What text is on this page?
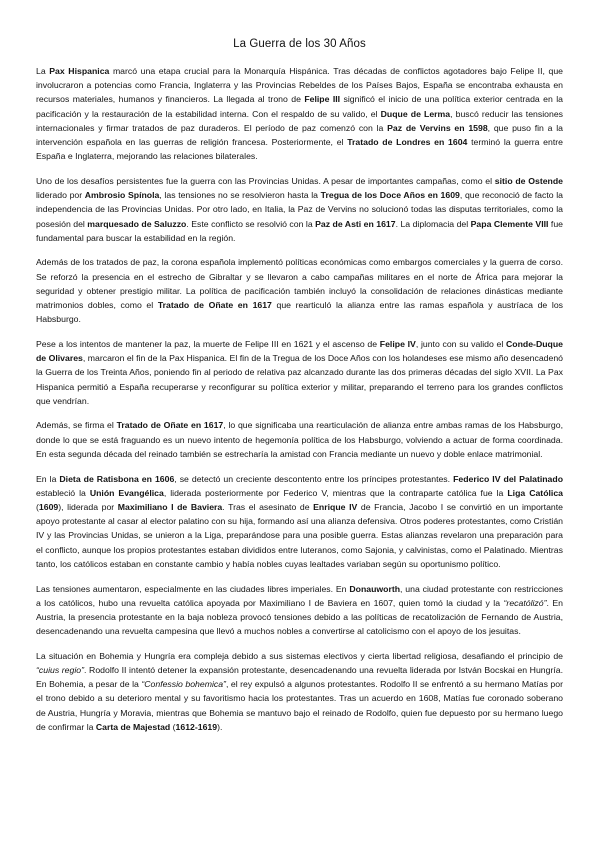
La Guerra de los 30 Años

La Pax Hispanica marcó una etapa crucial para la Monarquía Hispánica. Tras décadas de conflictos agotadores bajo Felipe II, que involucraron a potencias como Francia, Inglaterra y las Provincias Rebeldes de los Países Bajos, España se encontraba exhausta en recursos materiales, humanos y financieros. La llegada al trono de Felipe III significó el inicio de una política exterior centrada en la pacificación y la restauración de la estabilidad interna. Con el respaldo de su valido, el Duque de Lerma, buscó reducir las tensiones internacionales y firmar tratados de paz duraderos. El período de paz comenzó con la Paz de Vervins en 1598, que puso fin a la intervención española en las guerras de religión francesa. Posteriormente, el Tratado de Londres en 1604 terminó la guerra entre España e Inglaterra, mejorando las relaciones bilaterales.

Uno de los desafíos persistentes fue la guerra con las Provincias Unidas. A pesar de importantes campañas, como el sitio de Ostende liderado por Ambrosio Spínola, las tensiones no se resolvieron hasta la Tregua de los Doce Años en 1609, que reconoció de facto la independencia de las Provincias Unidas. Por otro lado, en Italia, la Paz de Vervins no solucionó todas las disputas territoriales, como la posesión del marquesado de Saluzzo. Este conflicto se resolvió con la Paz de Asti en 1617. La diplomacia del Papa Clemente VIII fue fundamental para buscar la estabilidad en la región.

Además de los tratados de paz, la corona española implementó políticas económicas como embargos comerciales y la guerra de corso. Se reforzó la presencia en el estrecho de Gibraltar y se llevaron a cabo campañas militares en el norte de África para mejorar la seguridad y obtener prestigio militar. La política de pacificación también incluyó la consolidación de relaciones dinásticas mediante matrimonios dobles, como el Tratado de Oñate en 1617 que rearticuló la alianza entre las ramas española y austríaca de los Habsburgo.

Pese a los intentos de mantener la paz, la muerte de Felipe III en 1621 y el ascenso de Felipe IV, junto con su valido el Conde-Duque de Olivares, marcaron el fin de la Pax Hispanica. El fin de la Tregua de los Doce Años con los holandeses ese mismo año desencadenó la Guerra de los Treinta Años, poniendo fin al periodo de relativa paz alcanzado durante las dos primeras décadas del siglo XVII. La Pax Hispanica permitió a España recuperarse y reconfigurar su política exterior y militar, preparando el terreno para los grandes conflictos que vendrían.

Además, se firma el Tratado de Oñate en 1617, lo que significaba una rearticulación de alianza entre ambas ramas de los Habsburgo, donde lo que se está fraguando es un nuevo intento de hegemonía política de los Habsburgo, volviendo a actuar de forma coordinada. En esta segunda década del reinado también se estrecharía la amistad con Francia mediante un nuevo y doble enlace matrimonial.

En la Dieta de Ratisbona en 1606, se detectó un creciente descontento entre los príncipes protestantes. Federico IV del Palatinado estableció la Unión Evangélica, liderada posteriormente por Federico V, mientras que la contraparte católica fue la Liga Católica (1609), liderada por Maximiliano I de Baviera. Tras el asesinato de Enrique IV de Francia, Jacobo I se convirtió en un importante apoyo protestante al casar al elector palatino con su hija, formando así una alianza defensiva. Otros poderes protestantes, como Cristián IV y las Provincias Unidas, se unieron a la Liga, preparándose para una posible guerra. Estas alianzas revelaron una preparación para el conflicto, aunque los propios protestantes estaban divididos entre luteranos, como Sajonia, y calvinistas, como el Palatinado. Mientras tanto, los católicos estaban en constante cambio y había nobles cuyas lealtades variaban según su oportunismo político.

Las tensiones aumentaron, especialmente en las ciudades libres imperiales. En Donauworth, una ciudad protestante con restricciones a los católicos, hubo una revuelta católica apoyada por Maximiliano I de Baviera en 1607, quien tomó la ciudad y la “recatólizó”. En Austria, la presencia protestante en la baja nobleza provocó tensiones debido a las políticas de recatolización de Fernando de Austria, desencadenando una revuelta campesina que llevó a muchos nobles a convertirse al catolicismo con el apoyo de los jesuitas.

La situación en Bohemia y Hungría era compleja debido a sus sistemas electivos y cierta libertad religiosa, desafiando el principio de “cuius regio”. Rodolfo II intentó detener la expansión protestante, desencadenando una revuelta liderada por István Bocskai en Hungría. En Bohemia, a pesar de la “Confessio bohemica”, el rey expulsó a algunos protestantes. Rodolfo II se enfrentó a su hermano Matías por el trono debido a su deterioro mental y su favoritismo hacia los protestantes. Tras un acuerdo en 1608, Matías fue coronado soberano de Austria, Hungría y Moravia, mientras que Bohemia se mantuvo bajo el reinado de Rodolfo, quien fue depuesto por su hermano luego de confirmar la Carta de Majestad (1612-1619).
